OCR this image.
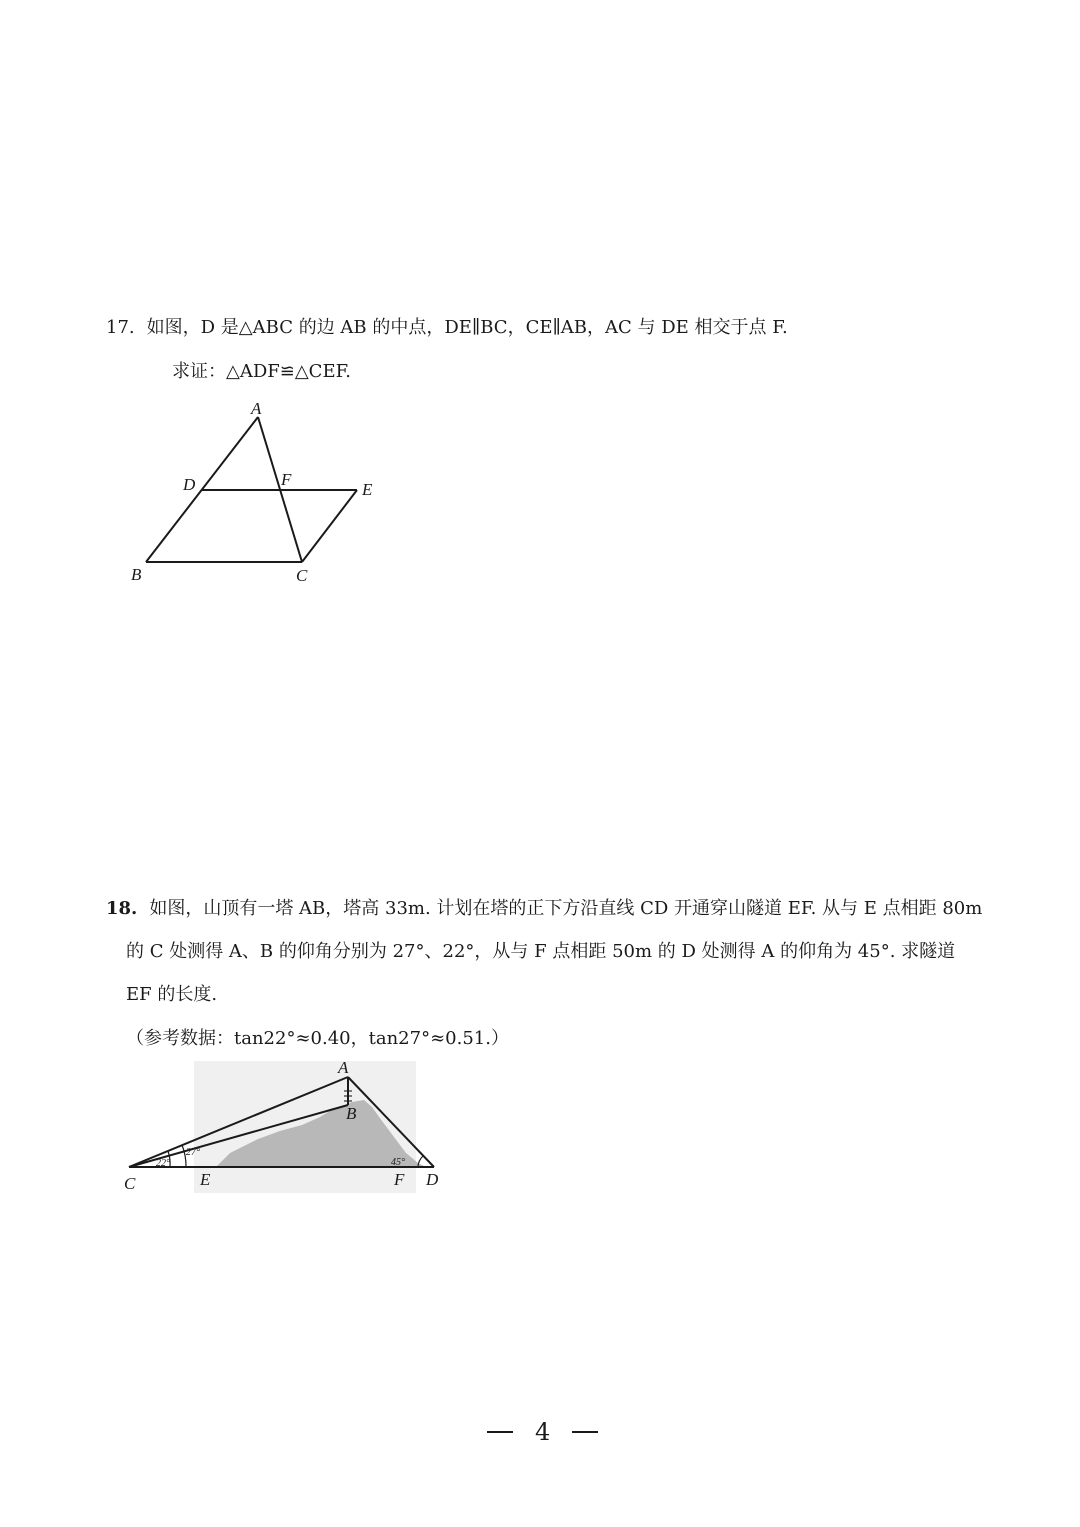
17. 如图，D 是△ABC 的边 AB 的中点，DE∥BC，CE∥AB，AC 与 DE 相交于点 F.
求证：△ADF≌△CEF.
A
D	F
E
B	C
18. 如图，山顶有一塔 AB，塔高 33m. 计划在塔的正下方沿直线 CD 开通穿山隧道 EF. 从与 E 点相距 80m
的 C 处测得 A、B 的仰角分别为 27°、22°，从与 F 点相距 50m 的 D 处测得 A 的仰角为 45°. 求隧道
EF 的长度.
（参考数据：tan22°≈0.40，tan27°≈0.51.）
22°
27°
45°
A
B
C	E	F D
4
